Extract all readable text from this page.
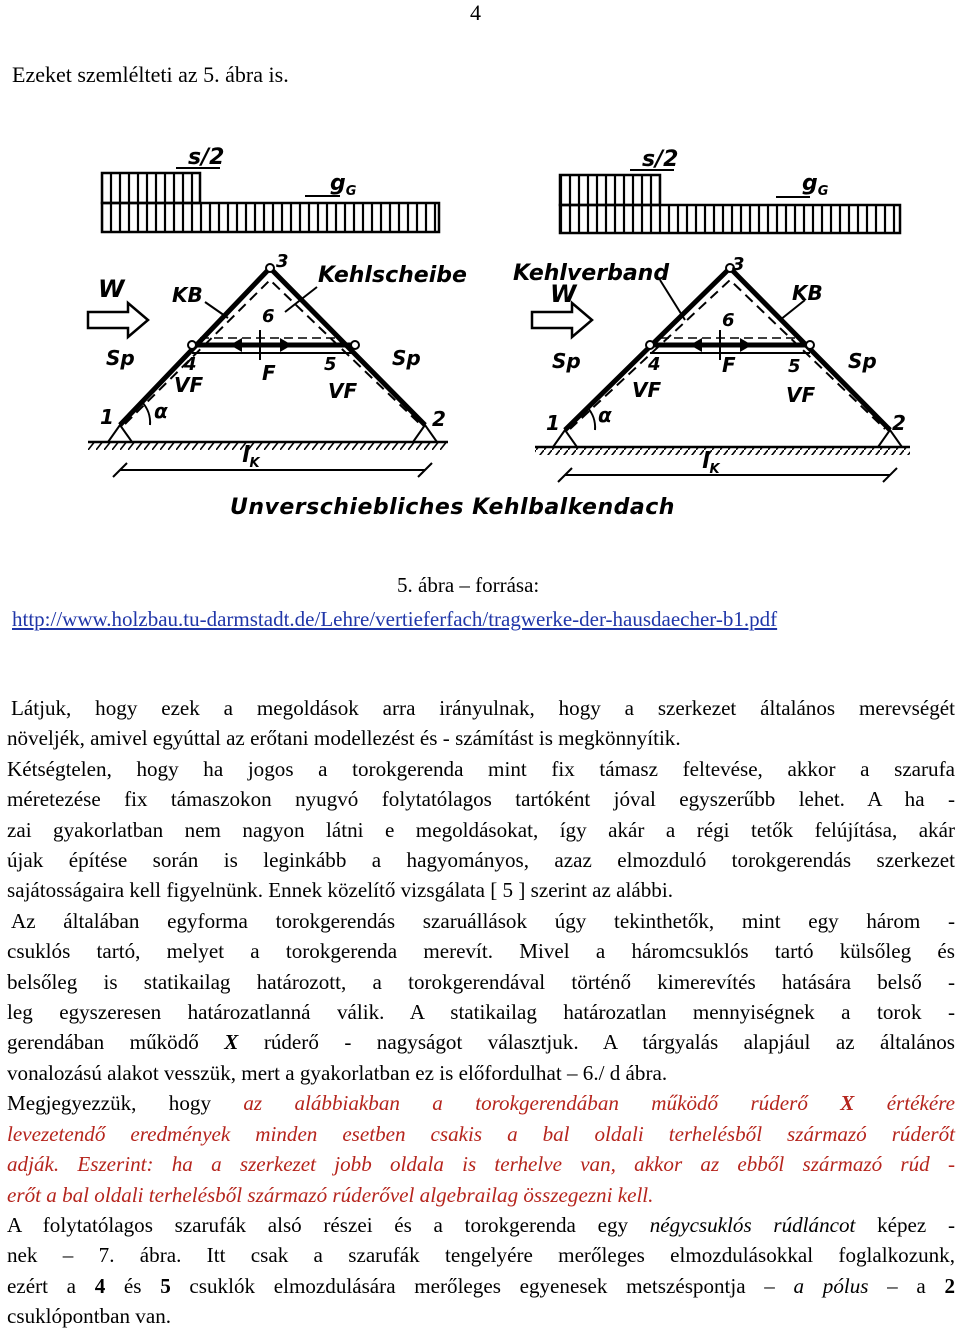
4
Ezeket szemlélteti az 5. ábra is.
s/2
$g_G$
Kehlscheibe
W KB
3
6
Sp	Sp
4	F	5
VF	VF
1	2
α
$l_K$
s/2
$g_G$
Kehlverband
W	KB
3
6
Sp	Sp
4	F	5
VF	VF
1	2
α
$l_K$
Unverschiebliches Kehlbalkendach
5. ábra – forrása:
http://www.holzbau.tu-darmstadt.de/Lehre/vertieferfach/tragwerke-der-hausdaecher-b1.pdf

Látjuk, hogy ezek a megoldások arra irányulnak, hogy a szerkezet általános merevségét
növeljék, amivel egyúttal az erőtani modellezést és - számítást is megkönnyítik.
Kétségtelen, hogy ha jogos a torokgerenda mint fix támasz feltevése, akkor a szarufa
méretezése fix támaszokon nyugvó folytatólagos tartóként jóval egyszerűbb lehet. A ha -
zai gyakorlatban nem nagyon látni e megoldásokat, így akár a régi tetők felújítása, akár
újak építése során is leginkább a hagyományos, azaz elmozduló torokgerendás szerkezet
sajátosságaira kell figyelnünk. Ennek közelítő vizsgálata [ 5 ] szerint az alábbi.

Az általában egyforma torokgerendás szaruállások úgy tekinthetők, mint egy három -
csuklós tartó, melyet a torokgerenda merevít. Mivel a háromcsuklós tartó külsőleg és
belsőleg is statikailag határozott, a torokgerendával történő kimerevítés hatására belső -
leg egyszeresen határozatlanná válik. A statikailag határozatlan mennyiségnek a torok -
gerendában működő X rúderő - nagyságot választjuk. A tárgyalás alapjául az általános
vonalozású alakot vesszük, mert a gyakorlatban ez is előfordulhat – 6./ d ábra.

Megjegyezzük, hogy az alábbiakban a torokgerendában működő rúderő X értékére
levezetendő eredmények minden esetben csakis a bal oldali terhelésből származó rúderőt
adják. Eszerint: ha a szerkezet jobb oldala is terhelve van, akkor az ebből származó rúd -
erőt a bal oldali terhelésből származó rúderővel algebrailag összegezni kell.

A folytatólagos szarufák alsó részei és a torokgerenda egy négycsuklós rúdláncot képez -
nek – 7. ábra. Itt csak a szarufák tengelyére merőleges elmozdulásokkal foglalkozunk,
ezért a 4 és 5 csuklók elmozdulására merőleges egyenesek metszéspontja – a pólus – a 2
csuklópontban van.
